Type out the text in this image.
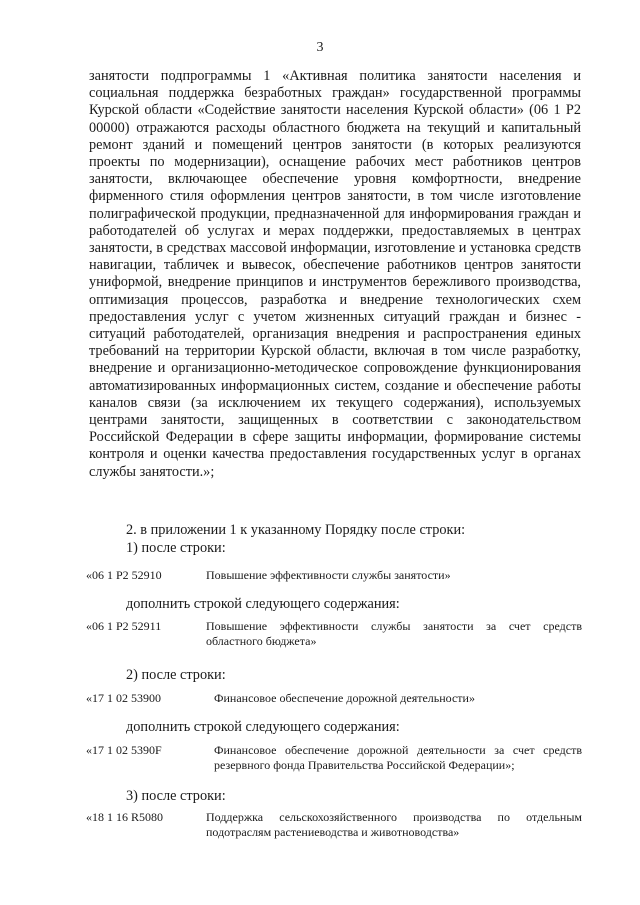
3
занятости подпрограммы 1 «Активная политика занятости населения и социальная поддержка безработных граждан» государственной программы Курской области «Содействие занятости населения Курской области» (06 1 Р2 00000) отражаются расходы областного бюджета на текущий и капитальный ремонт зданий и помещений центров занятости (в которых реализуются проекты по модернизации), оснащение рабочих мест работников центров занятости, включающее обеспечение уровня комфортности, внедрение фирменного стиля оформления центров занятости, в том числе изготовление полиграфической продукции, предназначенной для информирования граждан и работодателей об услугах и мерах поддержки, предоставляемых в центрах занятости, в средствах массовой информации, изготовление и установка средств навигации, табличек и вывесок, обеспечение работников центров занятости униформой, внедрение принципов и инструментов бережливого производства, оптимизация процессов, разработка и внедрение технологических схем предоставления услуг с учетом жизненных ситуаций граждан и бизнес - ситуаций работодателей, организация внедрения и распространения единых требований на территории Курской области, включая в том числе разработку, внедрение и организационно-методическое сопровождение функционирования автоматизированных информационных систем, создание и обеспечение работы каналов связи (за исключением их текущего содержания), используемых центрами занятости, защищенных в соответствии с законодательством Российской Федерации в сфере защиты информации, формирование системы контроля и оценки качества предоставления государственных услуг в органах службы занятости.»;
2. в приложении 1 к указанному Порядку после строки:
1) после строки:
«06 1 Р2 52910	Повышение эффективности службы занятости»
дополнить строкой следующего содержания:
«06 1 Р2 52911	Повышение эффективности службы занятости за счет средств областного бюджета»
2) после строки:
«17 1 02 53900	Финансовое обеспечение дорожной деятельности»
дополнить строкой следующего содержания:
«17 1 02 5390F	Финансовое обеспечение дорожной деятельности за счет средств резервного фонда Правительства Российской Федерации»;
3) после строки:
«18 1 16 R5080	Поддержка сельскохозяйственного производства по отдельным подотраслям растениеводства и животноводства»
